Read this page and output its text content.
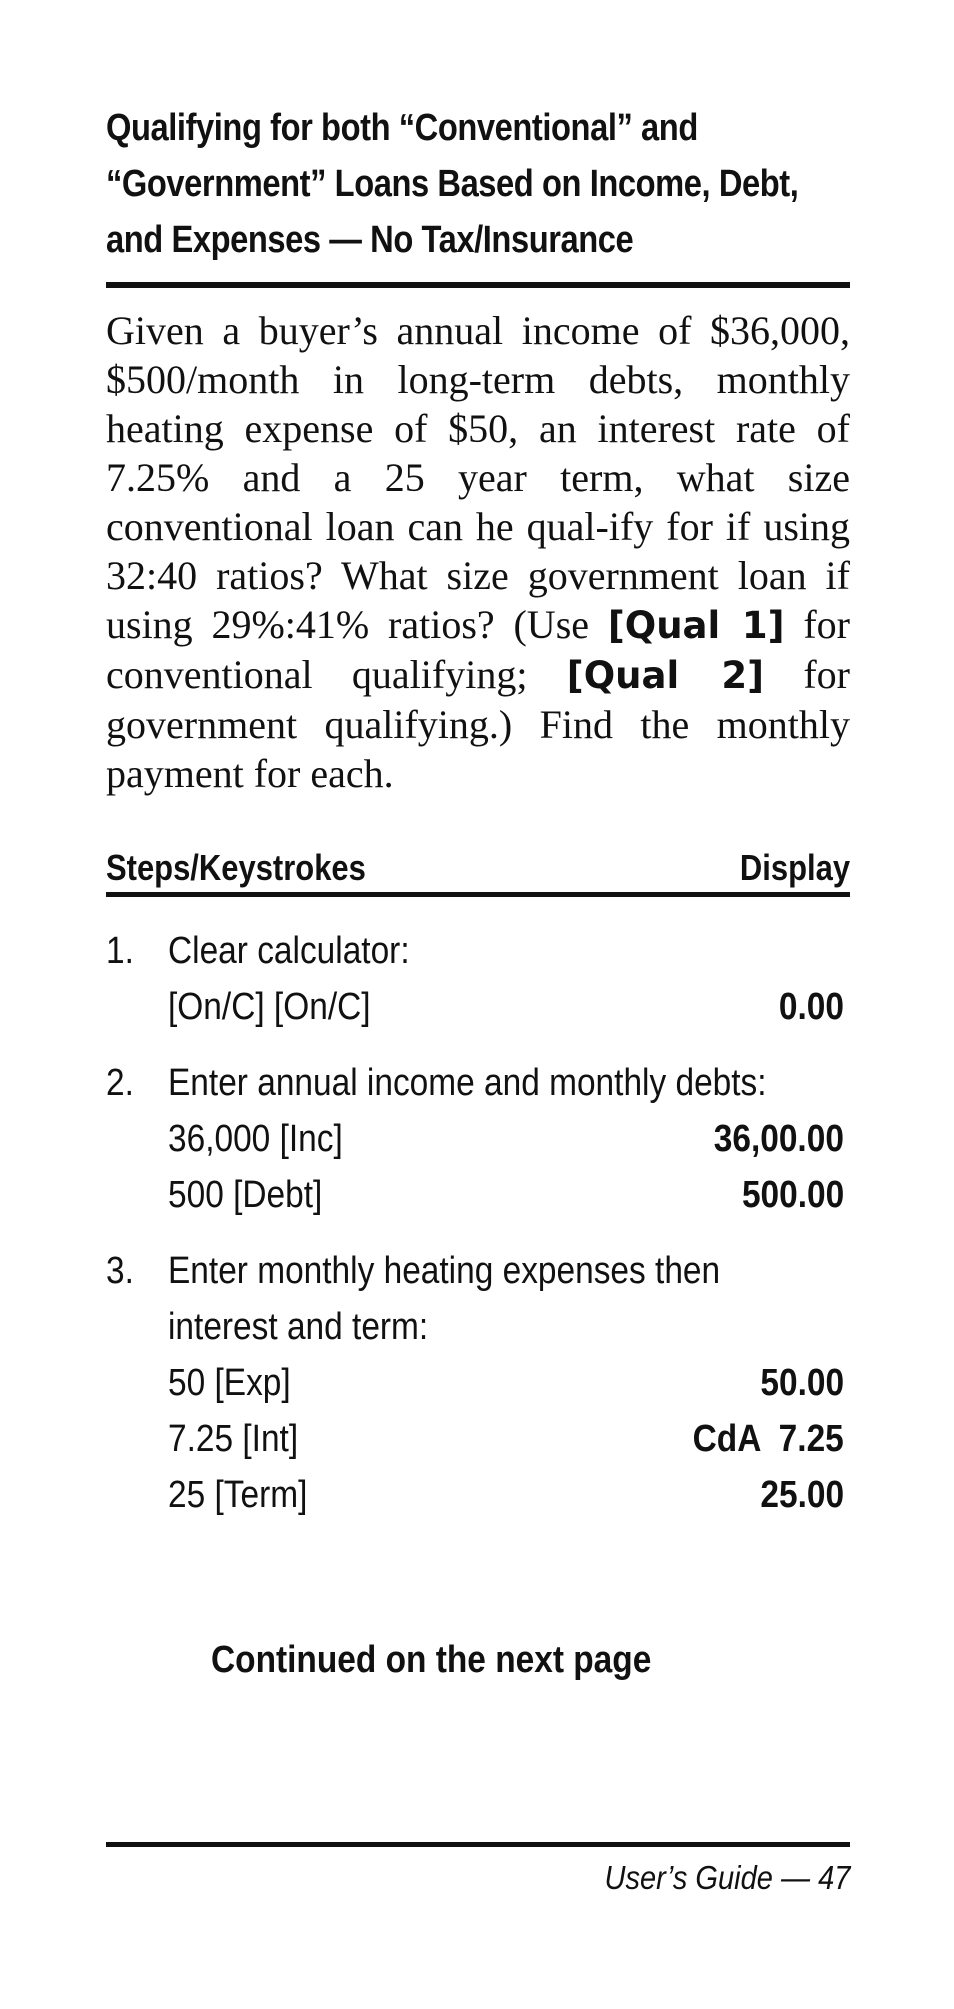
Qualifying for both “Conventional” and
“Government” Loans Based on Income, Debt,
and Expenses — No Tax/Insurance

Given a buyer’s annual income of $36,000, $500/month in long-term debts, monthly heating expense of $50, an interest rate of 7.25% and a 25 year term, what size conventional loan can he qual-ify for if using 32:40 ratios? What size government loan if using 29%:41% ratios? (Use [Qual 1] for conventional qualifying; [Qual 2] for government qualifying.) Find the monthly payment for each.

Steps/Keystrokes	Display
1. Clear calculator:
[On/C] [On/C]	0.00
2. Enter annual income and monthly debts:
36,000 [Inc]	36,00.00
500 [Debt]	500.00
3. Enter monthly heating expenses then
interest and term:
50 [Exp]	50.00
7.25 [Int]	CdA  7.25
25 [Term]	25.00
Continued on the next page
User’s Guide — 47
